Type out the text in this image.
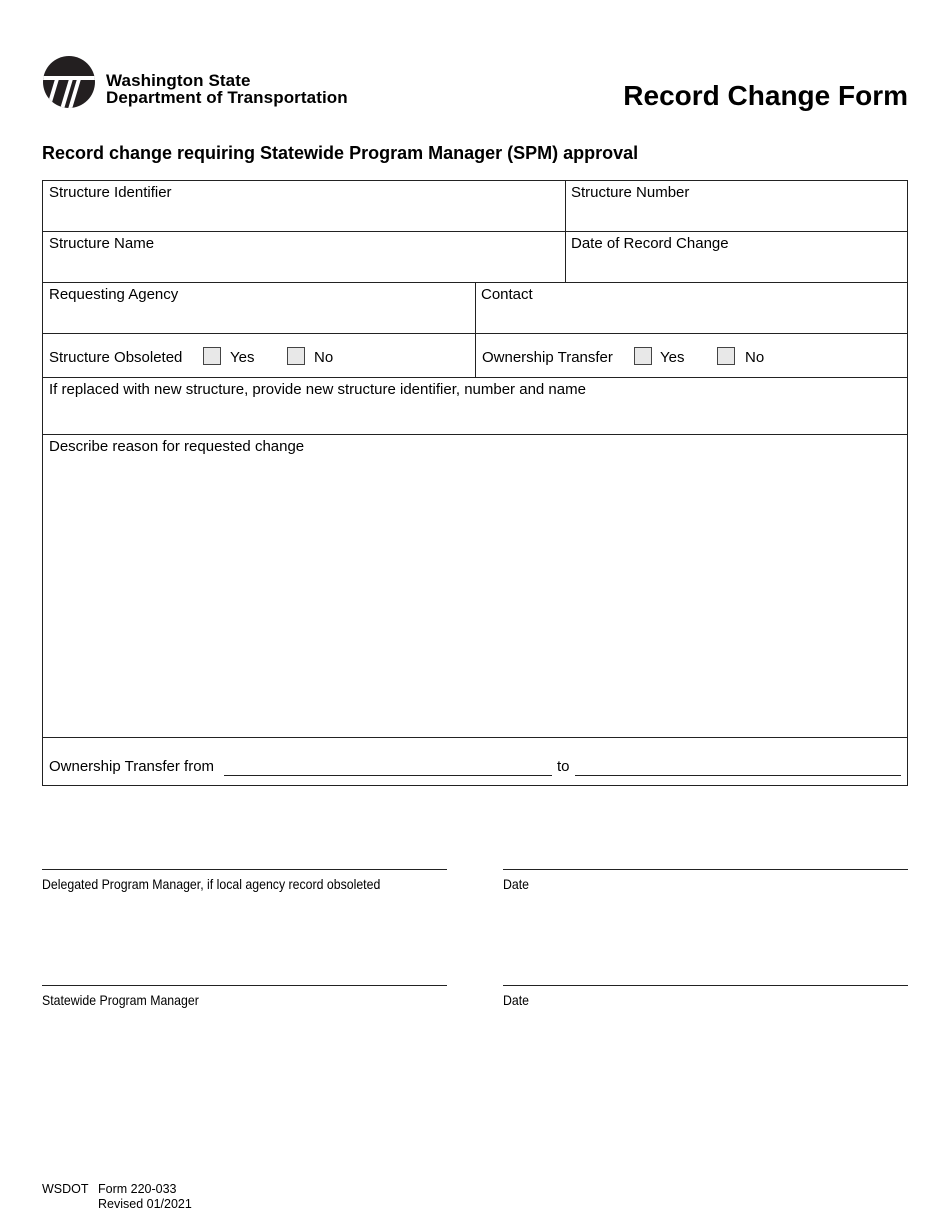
Washington State
Department of Transportation	Record Change Form
Record change requiring Statewide Program Manager (SPM) approval
Structure Identifier	Structure Number
Structure Name	Date of Record Change
Requesting Agency	Contact
Structure Obsoleted	Yes	No	Ownership Transfer	Yes	No
If replaced with new structure, provide new structure identifier, number and name
Describe reason for requested change
Ownership Transfer from	to
Delegated Program Manager, if local agency record obsoleted	Date
Statewide Program Manager	Date
WSDOT Form 220-033
Revised 01/2021
